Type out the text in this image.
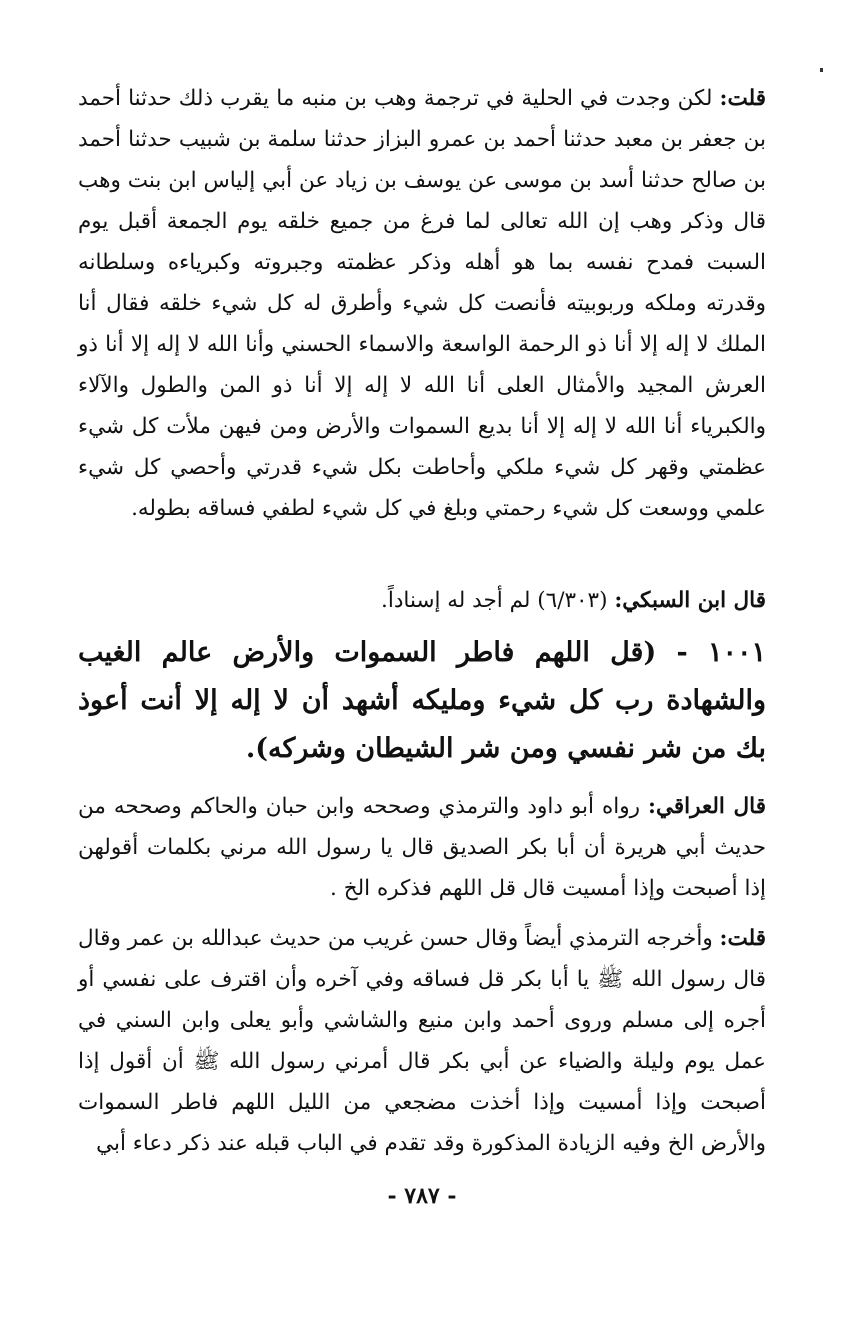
قلت: لكن وجدت في الحلية في ترجمة وهب بن منبه ما يقرب ذلك حدثنا أحمد بن جعفر بن معبد حدثنا أحمد بن عمرو البزاز حدثنا سلمة بن شبيب حدثنا أحمد بن صالح حدثنا أسد بن موسى عن يوسف بن زياد عن أبي إلياس ابن بنت وهب قال وذكر وهب إن الله تعالى لما فرغ من جميع خلقه يوم الجمعة أقبل يوم السبت فمدح نفسه بما هو أهله وذكر عظمته وجبروته وكبرياءه وسلطانه وقدرته وملكه وربوبيته فأنصت كل شيء وأطرق له كل شيء خلقه فقال أنا الملك لا إله إلا أنا ذو الرحمة الواسعة والاسماء الحسني وأنا الله لا إله إلا أنا ذو العرش المجيد والأمثال العلى أنا الله لا إله إلا أنا ذو المن والطول والآلاء والكبرياء أنا الله لا إله إلا أنا بديع السموات والأرض ومن فيهن ملأت كل شيء عظمتي وقهر كل شيء ملكي وأحاطت بكل شيء قدرتي وأحصي كل شيء علمي ووسعت كل شيء رحمتي وبلغ في كل شيء لطفي فساقه بطوله.

قال ابن السبكي: (٦/٣٠٣) لم أجد له إسناداً.

١٠٠١ - (قل اللهم فاطر السموات والأرض عالم الغيب والشهادة رب كل شيء ومليكه أشهد أن لا إله إلا أنت أعوذ بك من شر نفسي ومن شر الشيطان وشركه).

قال العراقي: رواه أبو داود والترمذي وصححه وابن حبان والحاكم وصححه من حديث أبي هريرة أن أبا بكر الصديق قال يا رسول الله مرني بكلمات أقولهن إذا أصبحت وإذا أمسيت قال قل اللهم فذكره الخ .

قلت: وأخرجه الترمذي أيضاً وقال حسن غريب من حديث عبدالله بن عمر وقال قال رسول الله ﷺ يا أبا بكر قل فساقه وفي آخره وأن اقترف على نفسي أو أجره إلى مسلم وروى أحمد وابن منيع والشاشي وأبو يعلى وابن السني في عمل يوم وليلة والضياء عن أبي بكر قال أمرني رسول الله ﷺ أن أقول إذا أصبحت وإذا أمسيت وإذا أخذت مضجعي من الليل اللهم فاطر السموات والأرض الخ وفيه الزيادة المذكورة وقد تقدم في الباب قبله عند ذكر دعاء أبي

- ٧٨٧ -
